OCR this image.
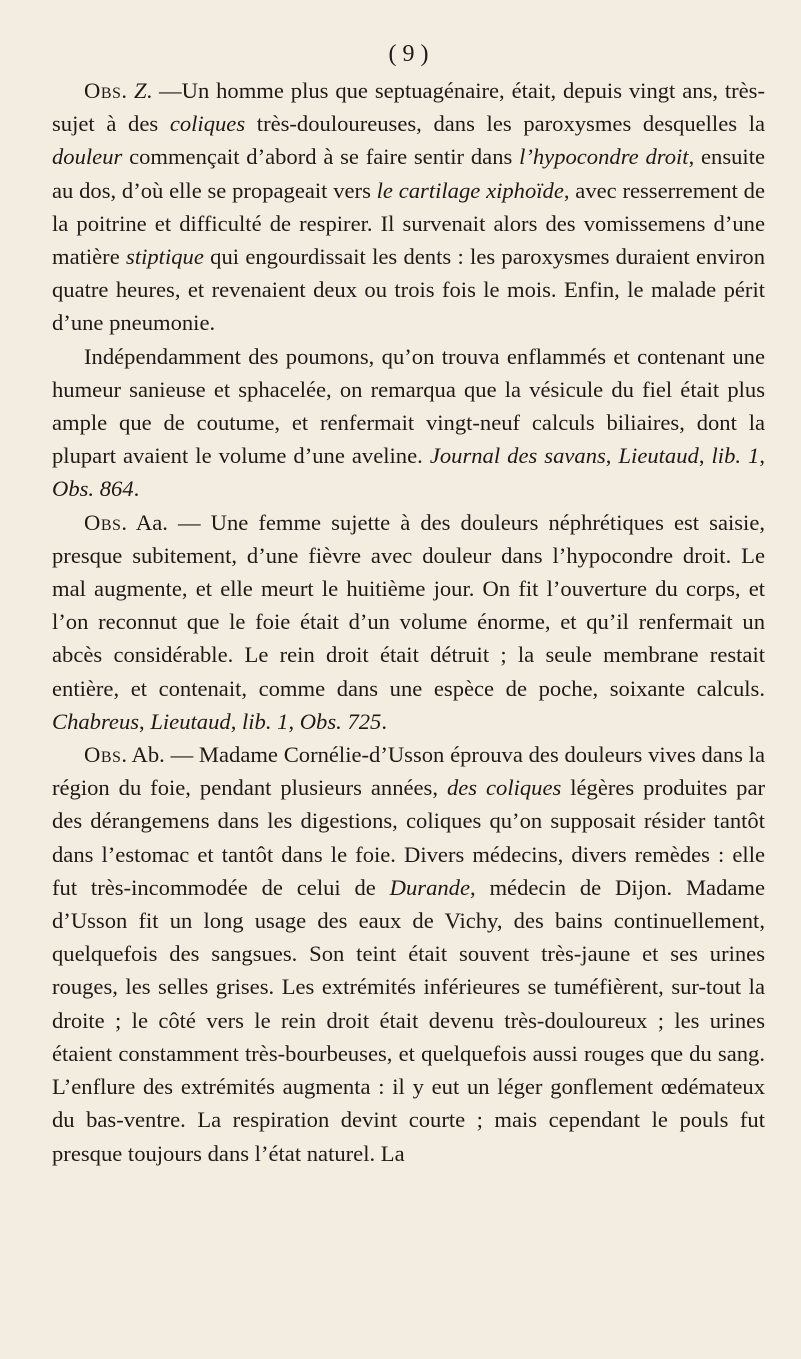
( 9 )

Obs. Z. —Un homme plus que septuagénaire, était, depuis vingt ans, très-sujet à des coliques très-douloureuses, dans les paroxysmes desquelles la douleur commençait d’abord à se faire sentir dans l’hypocondre droit, ensuite au dos, d’où elle se propageait vers le cartilage xiphoïde, avec resserrement de la poitrine et difficulté de respirer. Il survenait alors des vomissemens d’une matière stiptique qui engourdissait les dents : les paroxysmes duraient environ quatre heures, et revenaient deux ou trois fois le mois. Enfin, le malade périt d’une pneumonie.

Indépendamment des poumons, qu’on trouva enflammés et contenant une humeur sanieuse et sphacelée, on remarqua que la vésicule du fiel était plus ample que de coutume, et renfermait vingt-neuf calculs biliaires, dont la plupart avaient le volume d’une aveline. Journal des savans, Lieutaud, lib. 1, Obs. 864.

Obs. Aa. — Une femme sujette à des douleurs néphrétiques est saisie, presque subitement, d’une fièvre avec douleur dans l’hypocondre droit. Le mal augmente, et elle meurt le huitième jour. On fit l’ouverture du corps, et l’on reconnut que le foie était d’un volume énorme, et qu’il renfermait un abcès considérable. Le rein droit était détruit ; la seule membrane restait entière, et contenait, comme dans une espèce de poche, soixante calculs. Chabreus, Lieutaud, lib. 1, Obs. 725.

Obs. Ab. — Madame Cornélie-d’Usson éprouva des douleurs vives dans la région du foie, pendant plusieurs années, des coliques légères produites par des dérangemens dans les digestions, coliques qu’on supposait résider tantôt dans l’estomac et tantôt dans le foie. Divers médecins, divers remèdes : elle fut très-incommodée de celui de Durande, médecin de Dijon. Madame d’Usson fit un long usage des eaux de Vichy, des bains continuellement, quelquefois des sangsues. Son teint était souvent très-jaune et ses urines rouges, les selles grises. Les extrémités inférieures se tuméfièrent, sur-tout la droite ; le côté vers le rein droit était devenu très-douloureux ; les urines étaient constamment très-bourbeuses, et quelquefois aussi rouges que du sang. L’enflure des extrémités augmenta : il y eut un léger gonflement œdémateux du bas-ventre. La respiration devint courte ; mais cependant le pouls fut presque toujours dans l’état naturel. La
